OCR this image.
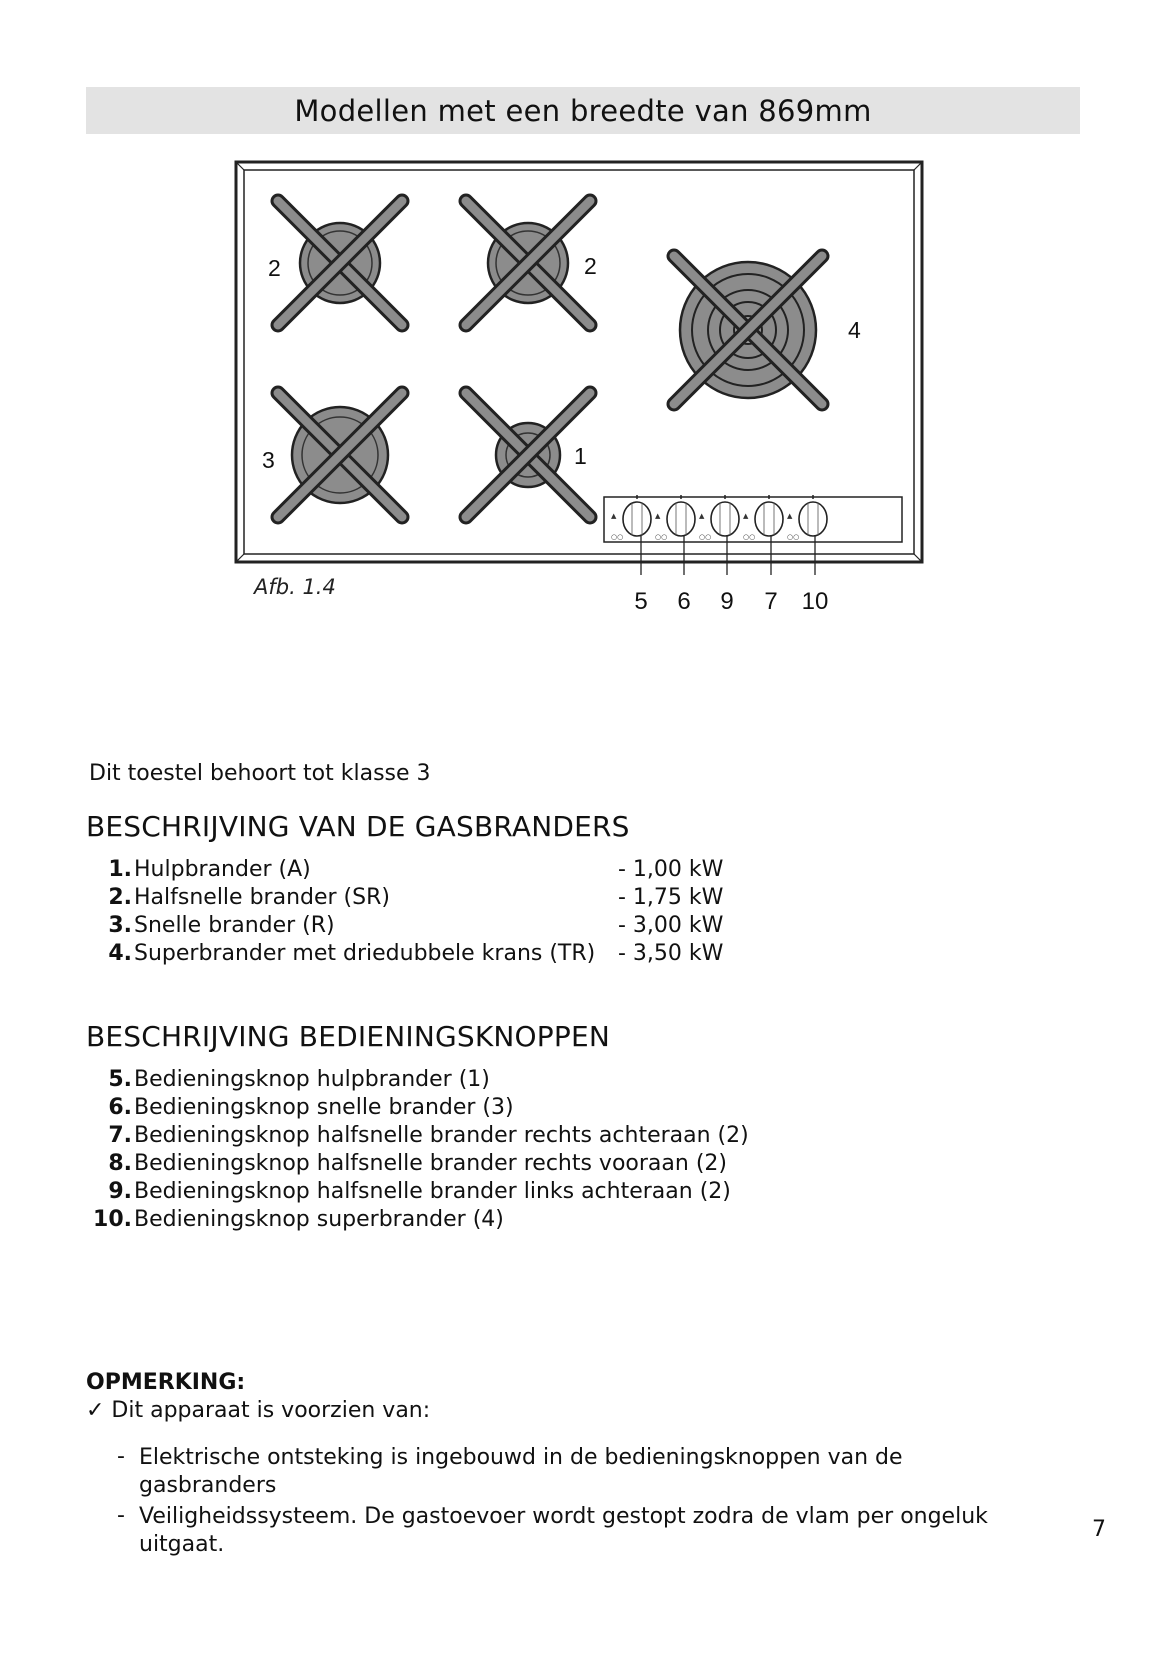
Modellen met een breedte van 869mm
2	2
4
3	1
▲
○○
▲
○○
▲
○○
▲
○○
▲
○○
5 6 9 7 10
Afb. 1.4
Dit toestel behoort tot klasse 3
BESCHRIJVING VAN DE GASBRANDERS
1. Hulpbrander (A)	- 1,00 kW
2. Halfsnelle brander (SR)	- 1,75 kW
3. Snelle brander (R)	- 3,00 kW
4. Superbrander met driedubbele krans (TR) - 3,50 kW
BESCHRIJVING BEDIENINGSKNOPPEN
5. Bedieningsknop hulpbrander (1)
6. Bedieningsknop snelle brander (3)
7. Bedieningsknop halfsnelle brander rechts achteraan (2)
8. Bedieningsknop halfsnelle brander rechts vooraan (2)
9. Bedieningsknop halfsnelle brander links achteraan (2)
10. Bedieningsknop superbrander (4)
OPMERKING:
✓ Dit apparaat is voorzien van:
- Elektrische ontsteking is ingebouwd in de bedieningsknoppen van de gasbranders
- Veiligheidssysteem. De gastoevoer wordt gestopt zodra de vlam per ongeluk uitgaat.
7
